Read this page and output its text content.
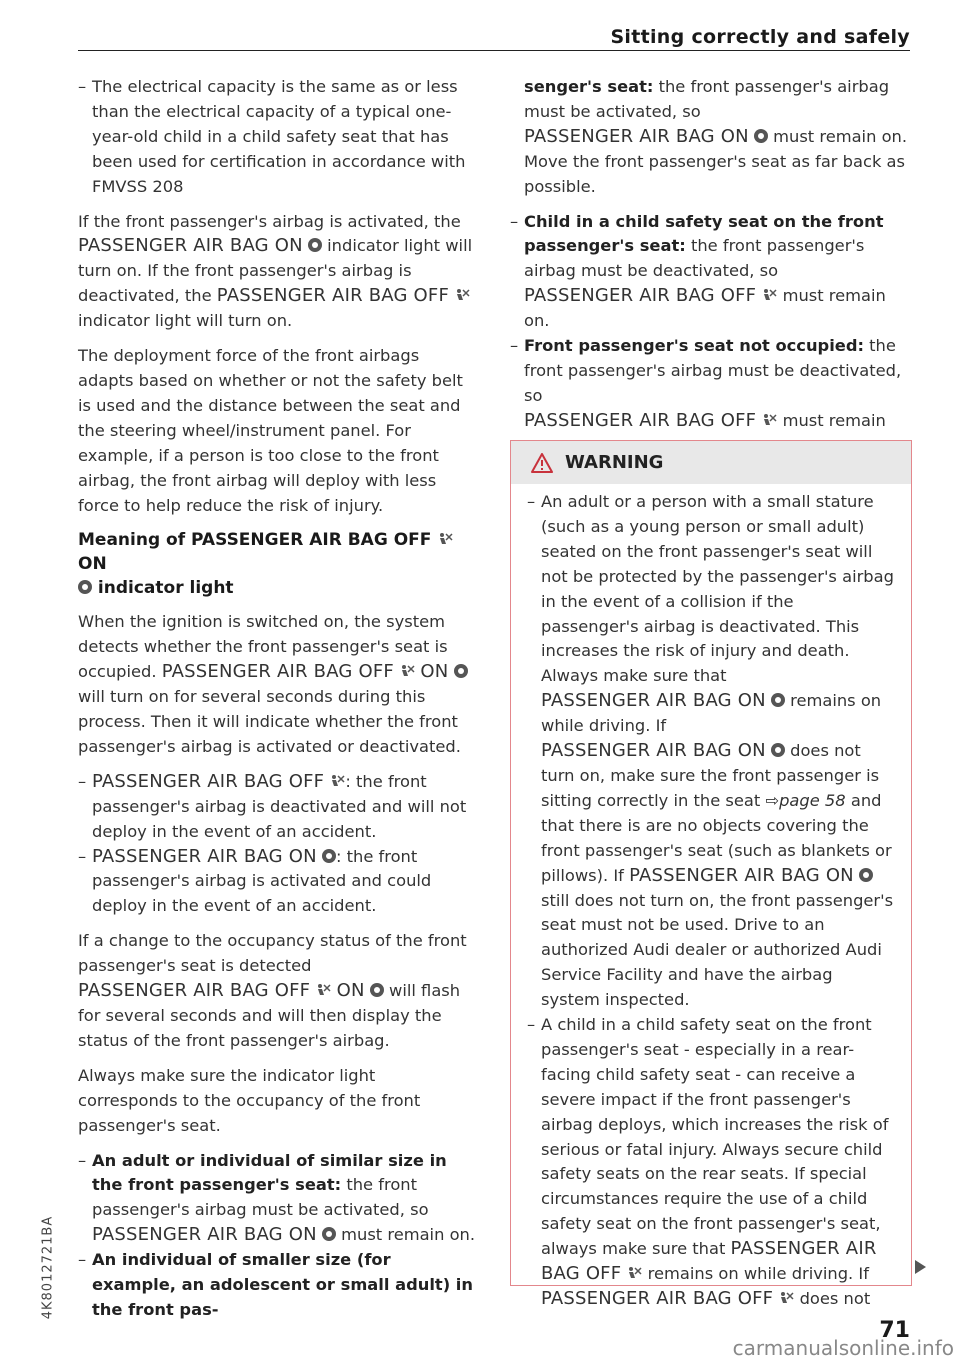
Sitting correctly and safely

– The electrical capacity is the same as or less than the electrical capacity of a typical one-year-old child in a child safety seat that has been used for certification in accordance with FMVSS 208

If the front passenger's airbag is activated, the
PASSENGER AIR BAG ON indicator light will turn on. If the front passenger's airbag is deactivated, the PASSENGER AIR BAG OFF  indicator light will turn on.

The deployment force of the front airbags adapts based on whether or not the safety belt is used and the distance between the seat and the steering wheel/instrument panel. For example, if a person is too close to the front airbag, the front airbag will deploy with less force to help reduce the risk of injury.

Meaning of PASSENGER AIR BAG OFF  ON
indicator light

When the ignition is switched on, the system detects whether the front passenger's seat is occupied. PASSENGER AIR BAG OFF ON  will turn on for several seconds during this process. Then it will indicate whether the front passenger's airbag is activated or deactivated.

– PASSENGER AIR BAG OFF : the front passenger's airbag is deactivated and will not deploy in the event of an accident.

– PASSENGER AIR BAG ON : the front passenger's airbag is activated and could deploy in the event of an accident.

If a change to the occupancy status of the front passenger's seat is detected
PASSENGER AIR BAG OFF ON will flash for several seconds and will then display the status of the front passenger's airbag.

Always make sure the indicator light corresponds to the occupancy of the front passenger's seat.

– An adult or individual of similar size in the front passenger's seat: the front passenger's airbag must be activated, so
PASSENGER AIR BAG ON must remain on.

– An individual of smaller size (for example, an adolescent or small adult) in the front pas-

senger's seat: the front passenger's airbag must be activated, so
PASSENGER AIR BAG ON must remain on. Move the front passenger's seat as far back as possible.

– Child in a child safety seat on the front passenger's seat: the front passenger's airbag must be deactivated, so
PASSENGER AIR BAG OFF must remain on.

– Front passenger's seat not occupied: the front passenger's airbag must be deactivated, so
PASSENGER AIR BAG OFF must remain

WARNING

– An adult or a person with a small stature (such as a young person or small adult) seated on the front passenger's seat will not be protected by the passenger's airbag in the event of a collision if the passenger's airbag is deactivated. This increases the risk of injury and death. Always make sure that
PASSENGER AIR BAG ON remains on while driving. If
PASSENGER AIR BAG ON does not turn on, make sure the front passenger is sitting correctly in the seat ⇨page 58 and that there is are no objects covering the front passenger's seat (such as blankets or pillows). If PASSENGER AIR BAG ON  still does not turn on, the front passenger's seat must not be used. Drive to an authorized Audi dealer or authorized Audi Service Facility and have the airbag system inspected.

– A child in a child safety seat on the front passenger's seat - especially in a rear-facing child safety seat - can receive a severe impact if the front passenger's airbag deploys, which increases the risk of serious or fatal injury. Always secure child safety seats on the rear seats. If special circumstances require the use of a child safety seat on the front passenger's seat, always make sure that PASSENGER AIR BAG OFF remains on while driving. If
PASSENGER AIR BAG OFF does not

71
4K8012721BA
carmanualsonline.info
